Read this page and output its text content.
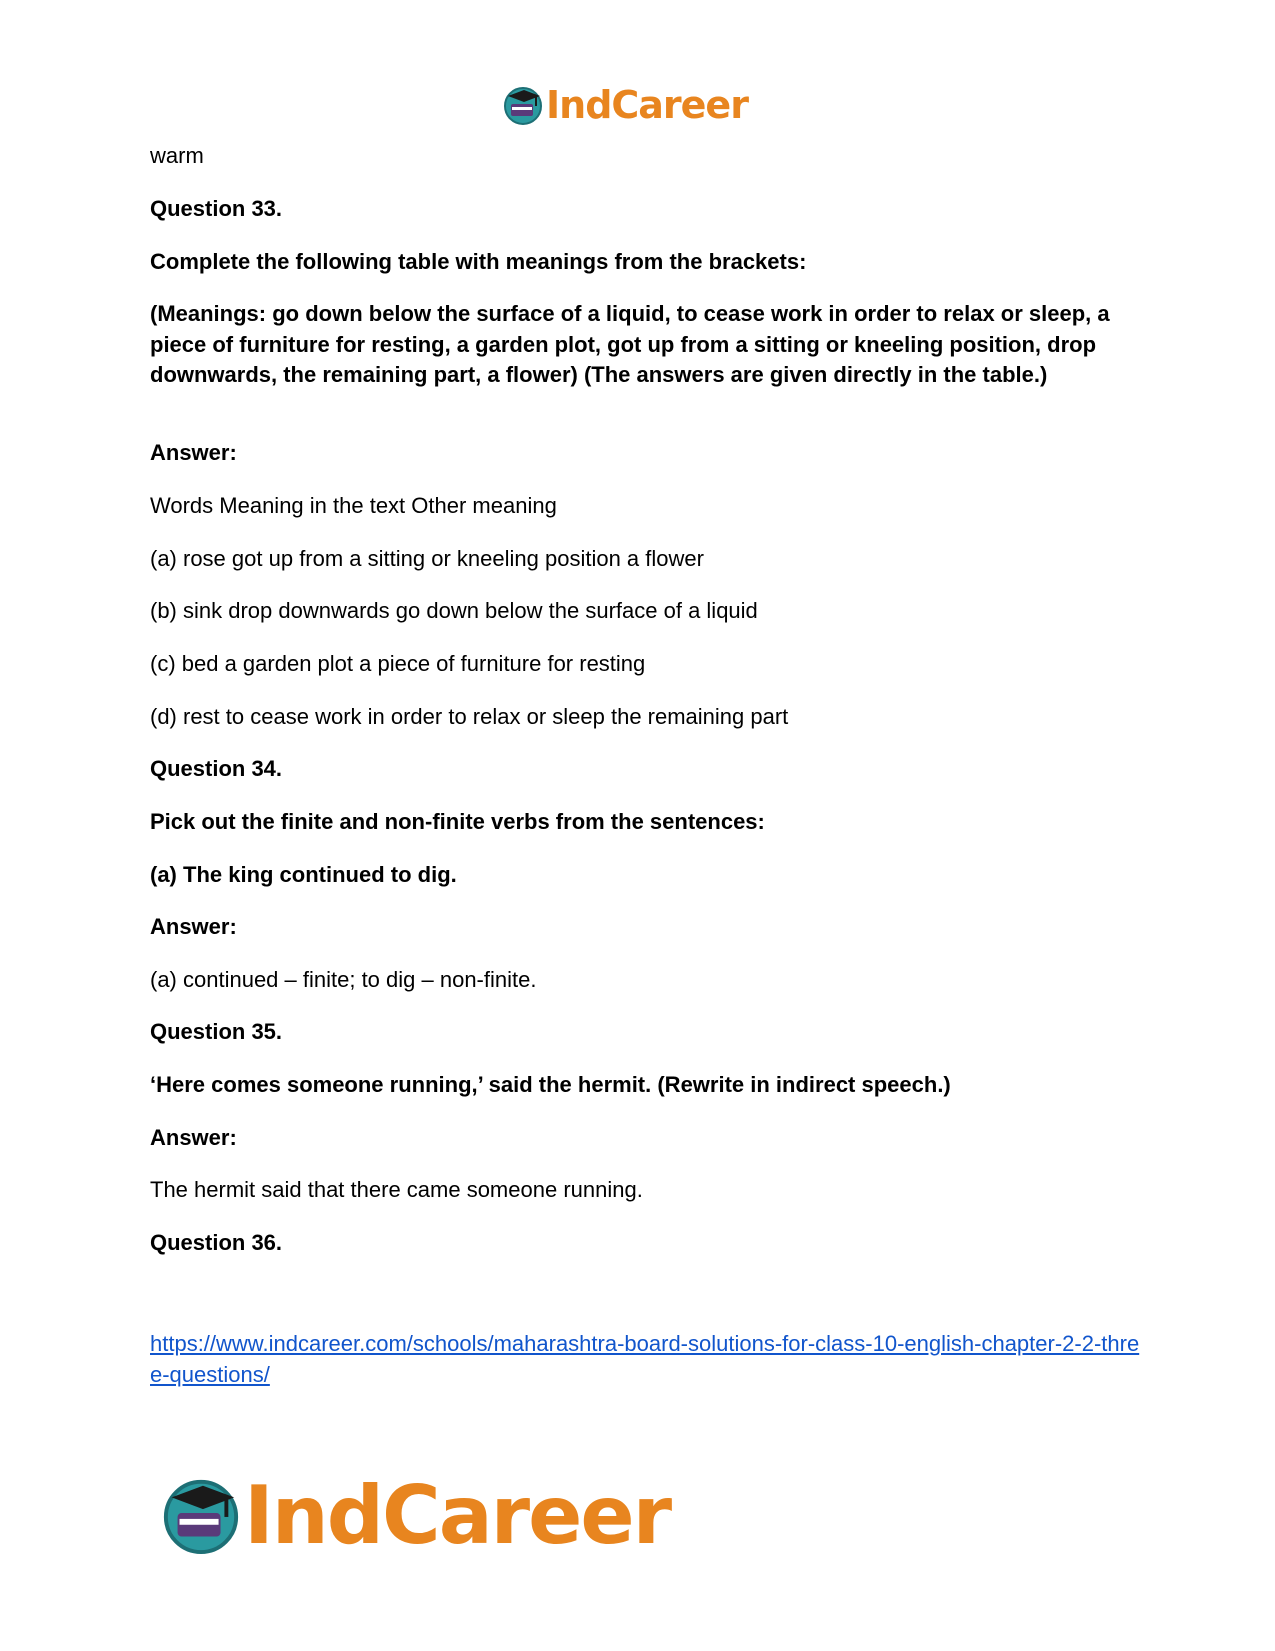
IndCareer
warm
Question 33.
Complete the following table with meanings from the brackets:
(Meanings: go down below the surface of a liquid, to cease work in order to relax or sleep, a piece of furniture for resting, a garden plot, got up from a sitting or kneeling position, drop downwards, the remaining part, a flower) (The answers are given directly in the table.)
Answer:
Words Meaning in the text Other meaning
(a) rose got up from a sitting or kneeling position a flower
(b) sink drop downwards go down below the surface of a liquid
(c) bed a garden plot a piece of furniture for resting
(d) rest to cease work in order to relax or sleep the remaining part
Question 34.
Pick out the finite and non-finite verbs from the sentences:
(a) The king continued to dig.
Answer:
(a) continued – finite; to dig – non-finite.
Question 35.
‘Here comes someone running,’ said the hermit. (Rewrite in indirect speech.)
Answer:
The hermit said that there came someone running.
Question 36.
https://www.indcareer.com/schools/maharashtra-board-solutions-for-class-10-english-chapter-2-2-three-questions/
IndCareer
